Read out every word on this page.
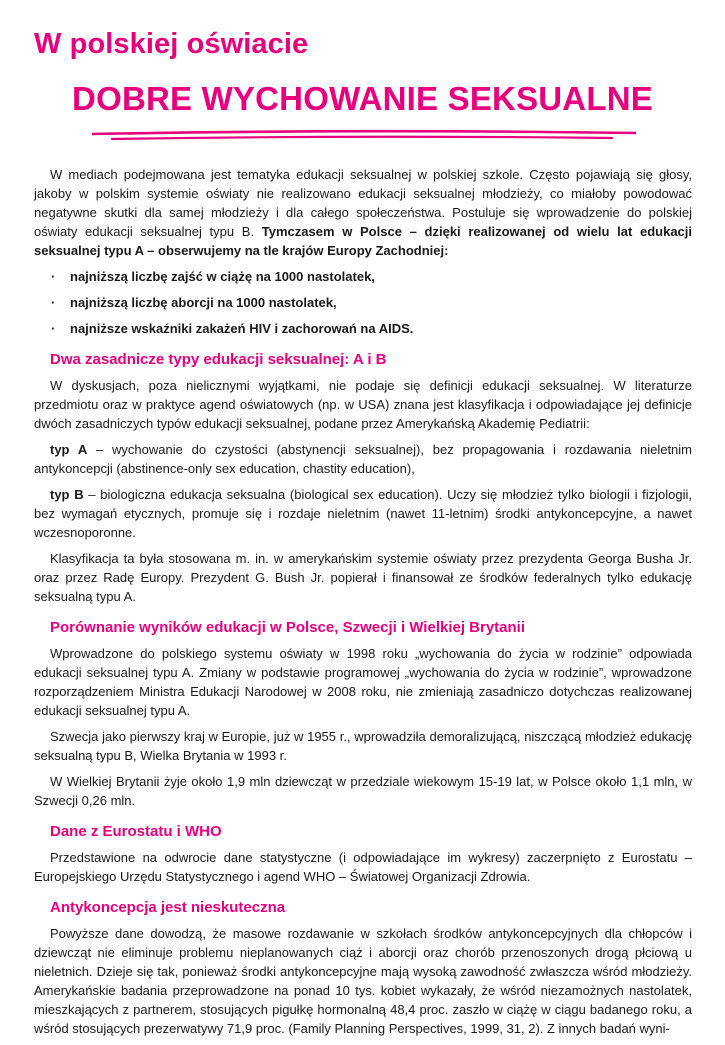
W polskiej oświacie
DOBRE WYCHOWANIE SEKSUALNE

W mediach podejmowana jest tematyka edukacji seksualnej w polskiej szkole. Często pojawiają się głosy, jakoby w polskim systemie oświaty nie realizowano edukacji seksualnej młodzieży, co miałoby powodować negatywne skutki dla samej młodzieży i dla całego społeczeństwa. Postuluje się wprowadzenie do polskiej oświaty edukacji seksualnej typu B. Tymczasem w Polsce – dzięki realizowanej od wielu lat edukacji seksualnej typu A – obserwujemy na tle krajów Europy Zachodniej:

· najniższą liczbę zajść w ciążę na 1000 nastolatek,
· najniższą liczbę aborcji na 1000 nastolatek,
· najniższe wskaźniki zakażeń HIV i zachorowań na AIDS.
Dwa zasadnicze typy edukacji seksualnej: A i B

W dyskusjach, poza nielicznymi wyjątkami, nie podaje się definicji edukacji seksualnej. W literaturze przedmiotu oraz w praktyce agend oświatowych (np. w USA) znana jest klasyfikacja i odpowiadające jej definicje dwóch zasadniczych typów edukacji seksualnej, podane przez Amerykańską Akademię Pediatrii:

typ A – wychowanie do czystości (abstynencji seksualnej), bez propagowania i rozdawania nieletnim antykoncepcji (abstinence-only sex education, chastity education),

typ B – biologiczna edukacja seksualna (biological sex education). Uczy się młodzież tylko biologii i fizjologii, bez wymagań etycznych, promuje się i rozdaje nieletnim (nawet 11-letnim) środki antykoncepcyjne, a nawet wczesnoporonne.

Klasyfikacja ta była stosowana m. in. w amerykańskim systemie oświaty przez prezydenta Georga Busha Jr. oraz przez Radę Europy. Prezydent G. Bush Jr. popierał i finansował ze środków federalnych tylko edukację seksualną typu A.

Porównanie wyników edukacji w Polsce, Szwecji i Wielkiej Brytanii

Wprowadzone do polskiego systemu oświaty w 1998 roku „wychowania do życia w rodzinie” odpowiada edukacji seksualnej typu A. Zmiany w podstawie programowej „wychowania do życia w rodzinie”, wprowadzone rozporządzeniem Ministra Edukacji Narodowej w 2008 roku, nie zmieniają zasadniczo dotychczas realizowanej edukacji seksualnej typu A.

Szwecja jako pierwszy kraj w Europie, już w 1955 r., wprowadziła demoralizującą, niszczącą młodzież edukację seksualną typu B, Wielka Brytania w 1993 r.

W Wielkiej Brytanii żyje około 1,9 mln dziewcząt w przedziale wiekowym 15-19 lat, w Polsce około 1,1 mln, w Szwecji 0,26 mln.

Dane z Eurostatu i WHO

Przedstawione na odwrocie dane statystyczne (i odpowiadające im wykresy) zaczerpnięto z Eurostatu – Europejskiego Urzędu Statystycznego i agend WHO – Światowej Organizacji Zdrowia.

Antykoncepcja jest nieskuteczna

Powyższe dane dowodzą, że masowe rozdawanie w szkołach środków antykoncepcyjnych dla chłopców i dziewcząt nie eliminuje problemu nieplanowanych ciąż i aborcji oraz chorób przenoszonych drogą płciową u nieletnich. Dzieje się tak, ponieważ środki antykoncepcyjne mają wysoką zawodność zwłaszcza wśród młodzieży. Amerykańskie badania przeprowadzone na ponad 10 tys. kobiet wykazały, że wśród niezamożnych nastolatek, mieszkających z partnerem, stosujących pigułkę hormonalną 48,4 proc. zaszło w ciążę w ciągu badanego roku, a wśród stosujących prezerwatywy 71,9 proc. (Family Planning Perspectives, 1999, 31, 2). Z innych badań wyni-
